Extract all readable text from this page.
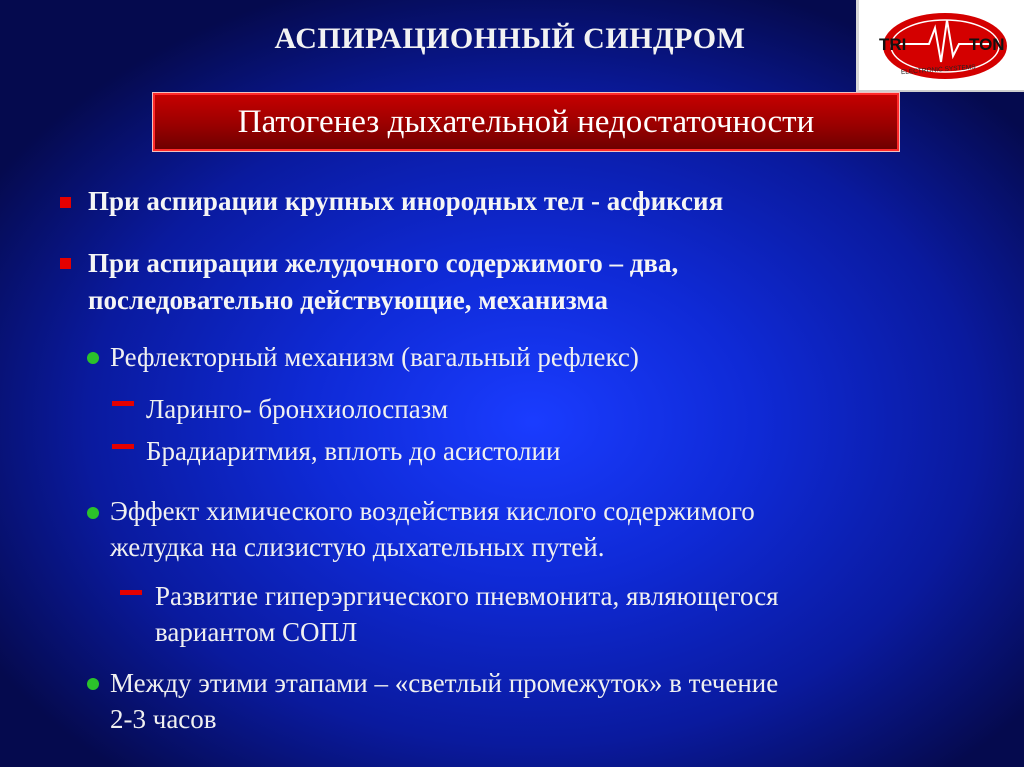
АСПИРАЦИОННЫЙ СИНДРОМ	TRI	TON
ELECTRONIC SYSTEMS
Патогенез дыхательной недостаточности
При аспирации крупных инородных тел - асфиксия
При аспирации желудочного содержимого – два,
последовательно действующие, механизма
Рефлекторный механизм (вагальный рефлекс)
Ларинго- бронхиолоспазм
Брадиаритмия, вплоть до асистолии
Эффект химического воздействия кислого содержимого
желудка на слизистую дыхательных путей.
Развитие гиперэргического пневмонита, являющегося
вариантом СОПЛ
Между этими этапами – «светлый промежуток» в течение
2-3 часов
